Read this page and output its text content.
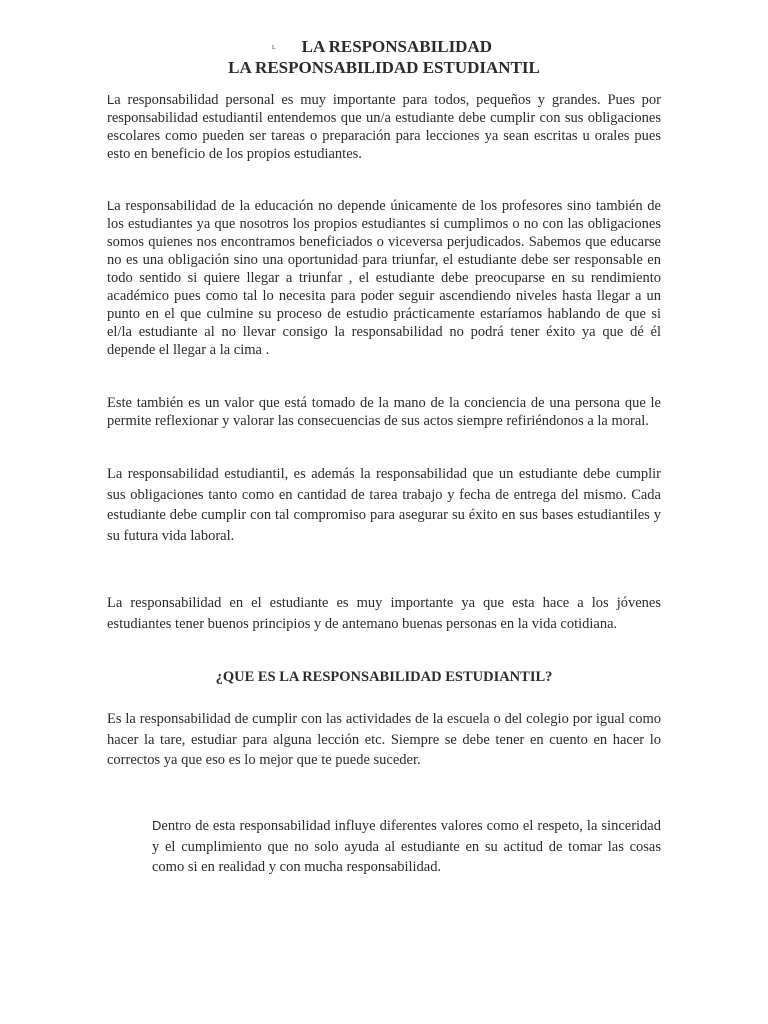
L LA RESPONSABILIDAD
LA RESPONSABILIDAD ESTUDIANTIL

La responsabilidad personal es muy importante para todos, pequeños y grandes. Pues por responsabilidad estudiantil entendemos que un/a estudiante debe cumplir con sus obligaciones escolares como pueden ser tareas o preparación para lecciones ya sean escritas u orales pues esto en beneficio de los propios estudiantes.

La responsabilidad de la educación no depende únicamente de los profesores sino también de los estudiantes ya que nosotros los propios estudiantes si cumplimos o no con las obligaciones somos quienes nos encontramos beneficiados o viceversa perjudicados. Sabemos que educarse no es una obligación sino una oportunidad para triunfar, el estudiante debe ser responsable en todo sentido si quiere llegar a triunfar , el estudiante debe preocuparse en su rendimiento académico pues como tal lo necesita para poder seguir ascendiendo niveles hasta llegar a un punto en el que culmine su proceso de estudio prácticamente estaríamos hablando de que si el/la estudiante al no llevar consigo la responsabilidad no podrá tener éxito ya que dé él depende el llegar a la cima .

Este también es un valor que está tomado de la mano de la conciencia de una persona que le permite reflexionar y valorar las consecuencias de sus actos siempre refiriéndonos a la moral.

La responsabilidad estudiantil, es además la responsabilidad que un estudiante debe cumplir sus obligaciones tanto como en cantidad de tarea trabajo y fecha de entrega del mismo. Cada estudiante debe cumplir con tal compromiso para asegurar su éxito en sus bases estudiantiles y su futura vida laboral.

La responsabilidad en el estudiante es muy importante ya que esta hace a los jóvenes estudiantes tener buenos principios y de antemano buenas personas en la vida cotidiana.

¿QUE ES LA RESPONSABILIDAD ESTUDIANTIL?

Es la responsabilidad de cumplir con las actividades de la escuela o del colegio por igual como hacer la tare, estudiar para alguna lección etc. Siempre se debe tener en cuento en hacer lo correctos ya que eso es lo mejor que te puede suceder.

Dentro de esta responsabilidad influye diferentes valores como el respeto, la sinceridad y el cumplimiento que no solo ayuda al estudiante en su actitud de tomar las cosas como si en realidad y con mucha responsabilidad.
